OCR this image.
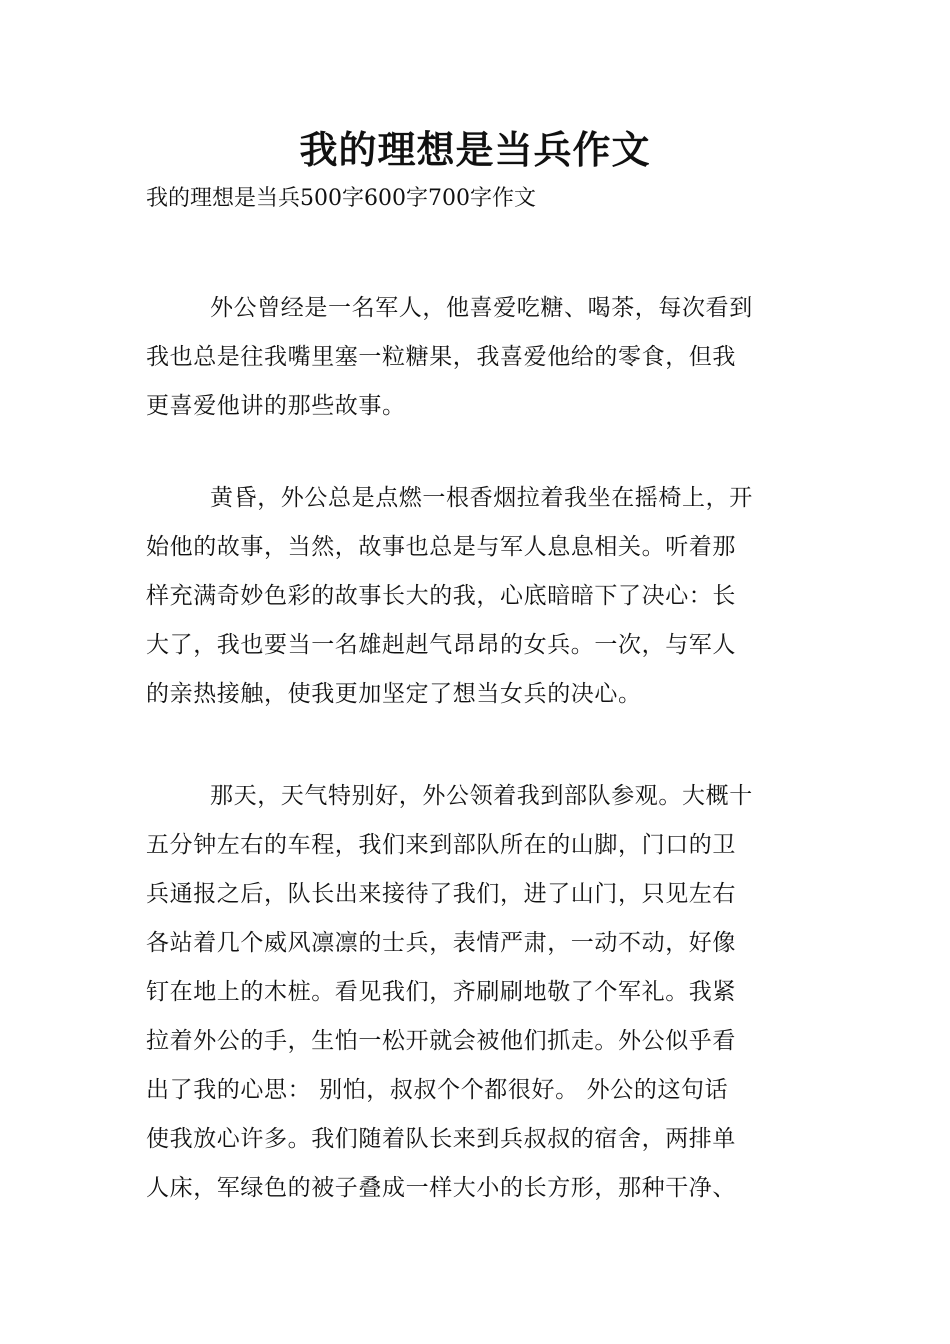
我的理想是当兵作文
我的理想是当兵500字600字700字作文
外公曾经是一名军人，他喜爱吃糖、喝茶，每次看到
我也总是往我嘴里塞一粒糖果，我喜爱他给的零食，但我
更喜爱他讲的那些故事。
黄昏，外公总是点燃一根香烟拉着我坐在摇椅上，开
始他的故事，当然，故事也总是与军人息息相关。听着那
样充满奇妙色彩的故事长大的我，心底暗暗下了决心：长
大了，我也要当一名雄赳赳气昂昂的女兵。一次，与军人
的亲热接触，使我更加坚定了想当女兵的决心。
那天，天气特别好，外公领着我到部队参观。大概十
五分钟左右的车程，我们来到部队所在的山脚，门口的卫
兵通报之后，队长出来接待了我们，进了山门，只见左右
各站着几个威风凛凛的士兵，表情严肃，一动不动，好像
钉在地上的木桩。看见我们，齐刷刷地敬了个军礼。我紧
拉着外公的手，生怕一松开就会被他们抓走。外公似乎看
出了我的心思： 别怕，叔叔个个都很好。 外公的这句话
使我放心许多。我们随着队长来到兵叔叔的宿舍，两排单
人床，军绿色的被子叠成一样大小的长方形，那种干净、
